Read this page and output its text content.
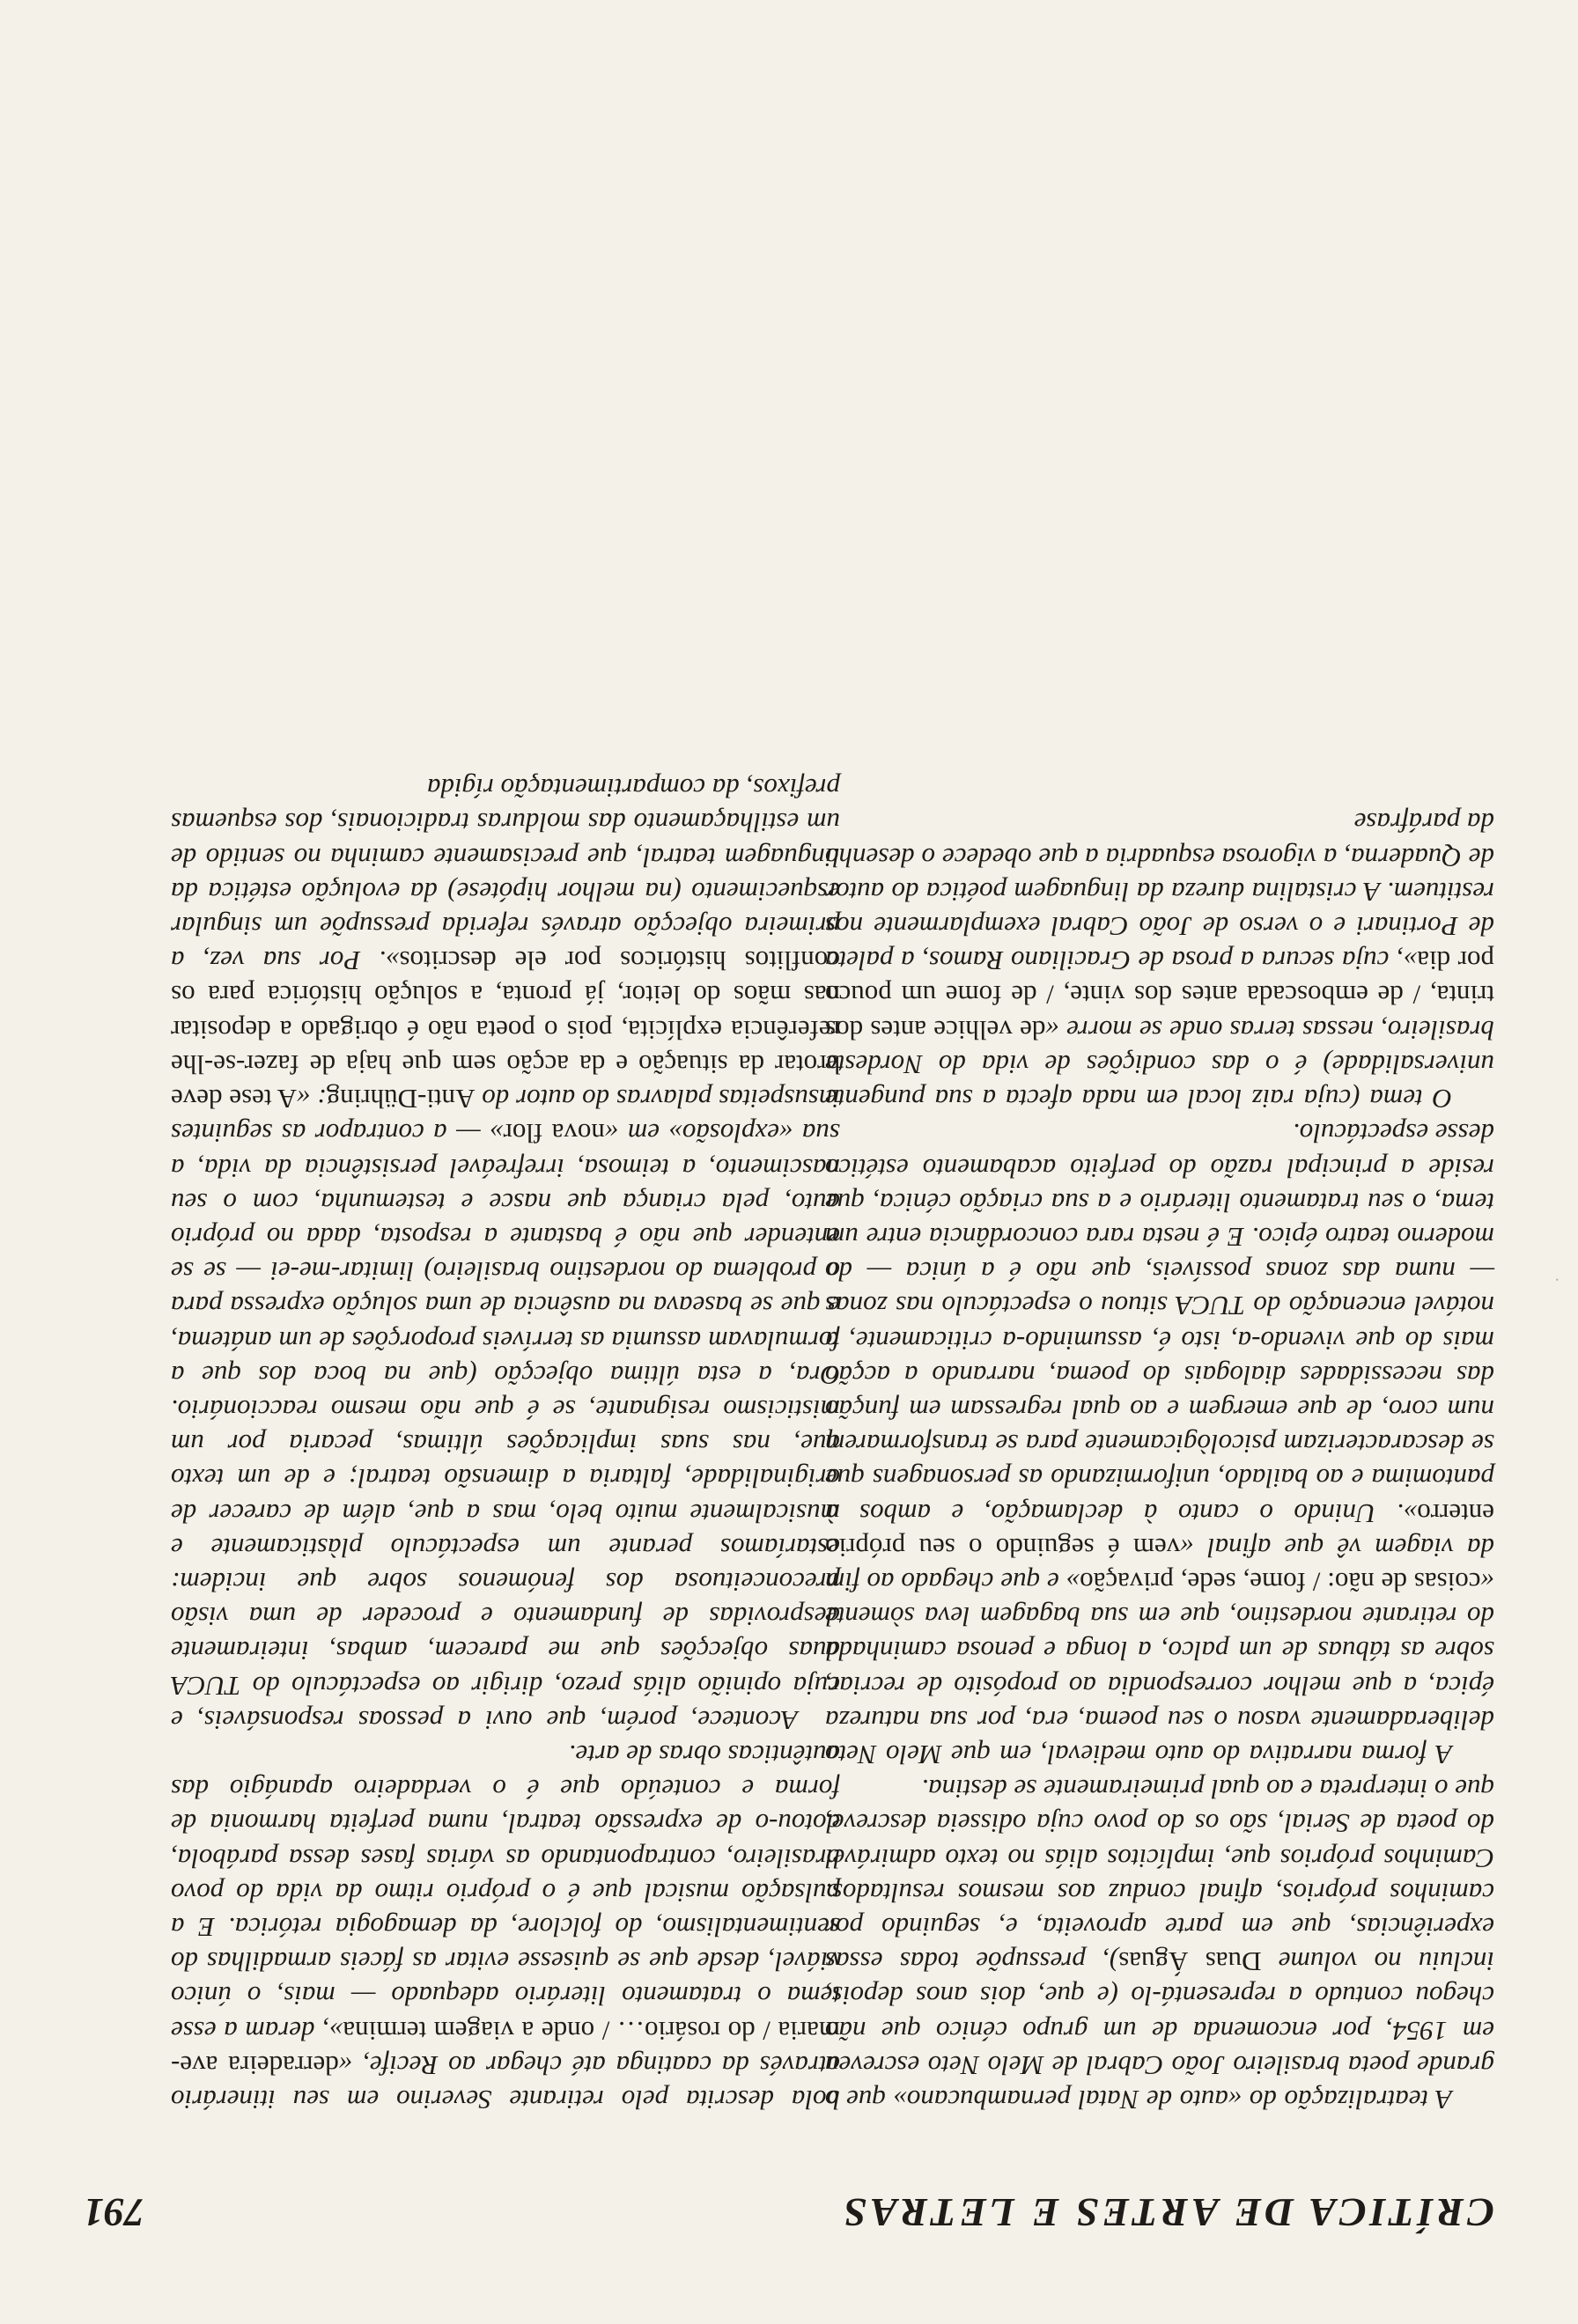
CRÍTICA DE ARTES E LETRAS
791

A teatralização do «auto de Natal pernambucano» que o grande poeta brasileiro João Cabral de Melo Neto escreveu em 1954, por encomenda de um grupo cénico que não chegou contudo a representá-lo (e que, dois anos depois, incluiu no volume Duas Águas), pressupõe todas essas experiências, que em parte aproveita, e, seguindo por caminhos próprios, afinal conduz aos mesmos resultados. Caminhos próprios que, implícitos aliás no texto admirável do poeta de Serial, são os do povo cuja odisseia descreve, que o interpreta e ao qual primeiramente se destina.

A forma narrativa do auto medieval, em que Melo Neto deliberadamente vasou o seu poema, era, por sua natureza épica, a que melhor correspondia ao propósito de recriar, sobre as tábuas de um palco, a longa e penosa caminhada do retirante nordestino, que em sua bagagem leva sòmente «coisas de não: / fome, sede, privação» e que chegado ao fim da viagem vê que afinal «vem é seguindo o seu próprio enterro». Unindo o canto à declamação, e ambos à pantomima e ao bailado, uniformizando as personagens que se descaracterizam psicològicamente para se transformarem num coro, de que emergem e ao qual regressam em função das necessidades dialogais do poema, narrando a acção mais do que vivendo-a, isto é, assumindo-a criticamente, a notável encenação do TUCA situou o espectáculo nas zonas — numa das zonas possíveis, que não é a única — do moderno teatro épico. E é nesta rara concordância entre um tema, o seu tratamento literário e a sua criação cénica, que reside a principal razão do perfeito acabamento estético desse espectáculo.

O tema (cuja raiz local em nada afecta a sua pungente universalidade) é o das condições de vida do Nordeste brasileiro, nessas terras onde se morre «de velhice antes dos trinta, / de emboscada antes dos vinte, / de fome um pouco por dia», cuja secura a prosa de Graciliano Ramos, a paleta de Portinari e o verso de João Cabral exemplarmente nos restituem. A cristalina dureza da linguagem poética do autor de Quaderna, a vigorosa esquadria a que obedece o desenho da paráfrase

bola descrita pelo retirante Severino em seu itinerário através da caatinga até chegar ao Recife, «derradeira ave-maria / do rosário… / onde a viagem termina», deram a esse tema o tratamento literário adequado — mais, o único viável, desde que se quisesse evitar as fáceis armadilhas do sentimentalismo, do folclore, da demagogia retórica. E a pulsação musical que é o próprio ritmo da vida do povo brasileiro, contrapontando as várias fases dessa parábola, dotou-o de expressão teatral, numa perfeita harmonia de forma e conteúdo que é o verdadeiro apanágio das autênticas obras de arte.

Acontece, porém, que ouvi a pessoas responsáveis, e cuja opinião aliás prezo, dirigir ao espectáculo do TUCA duas objecções que me parecem, ambas, inteiramente desprovidas de fundamento e proceder de uma visão preconceituosa dos fenómenos sobre que incidem: estaríamos perante um espectáculo plàsticamente e musicalmente muito belo, mas a que, além de carecer de originalidade, faltaria a dimensão teatral; e de um texto que, nas suas implicações últimas, pecaria por um misticismo resignante, se é que não mesmo reaccionário. Ora, a esta última objecção (que na boca dos que a formulavam assumia as terríveis proporções de um anátema, e que se baseava na ausência de uma solução expressa para o problema do nordestino brasileiro) limitar-me-ei — se se entender que não é bastante a resposta, dada no próprio auto, pela criança que nasce e testemunha, com o seu nascimento, a teimosa, irrefreável persistência da vida, a sua «explosão» em «nova flor» — a contrapor as seguintes insuspeitas palavras do autor do Anti-Dühring: «A tese deve brotar da situação e da acção sem que haja de fazer-se-lhe referência explícita, pois o poeta não é obrigado a depositar nas mãos do leitor, já pronta, a solução histórica para os conflitos históricos por ele descritos». Por sua vez, a primeira objecção através referida pressupõe um singular esquecimento (na melhor hipótese) da evolução estética da linguagem teatral, que precisamente caminha no sentido de um estilhaçamento das molduras tradicionais, dos esquemas prefixos, da compartimentação rígida

˙
